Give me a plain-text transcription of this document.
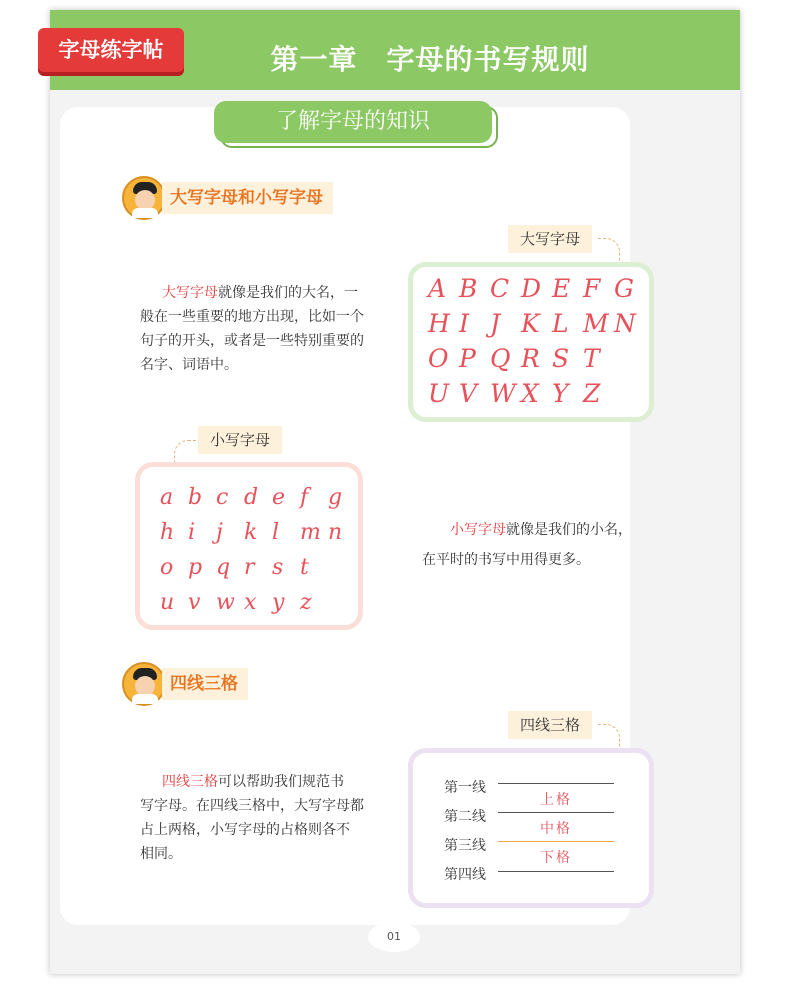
第一章　字母的书写规则
字母练字帖
了解字母的知识
大写字母和小写字母
大写字母
A B C D E F G
H I J K L M N
O P Q R S T
U V W X Y Z
大写字母就像是我们的大名，一
般在一些重要的地方出现，比如一个
句子的开头，或者是一些特别重要的
名字、词语中。
小写字母
a b c d e f g
h i j k l m n
o p q r s t
u v w x y z
小写字母就像是我们的小名，
在平时的书写中用得更多。
四线三格
四线三格
四线三格可以帮助我们规范书
写字母。在四线三格中，大写字母都
占上两格，小写字母的占格则各不
相同。
第一线
第二线
第三线
第四线
上格
中格
下格
01
